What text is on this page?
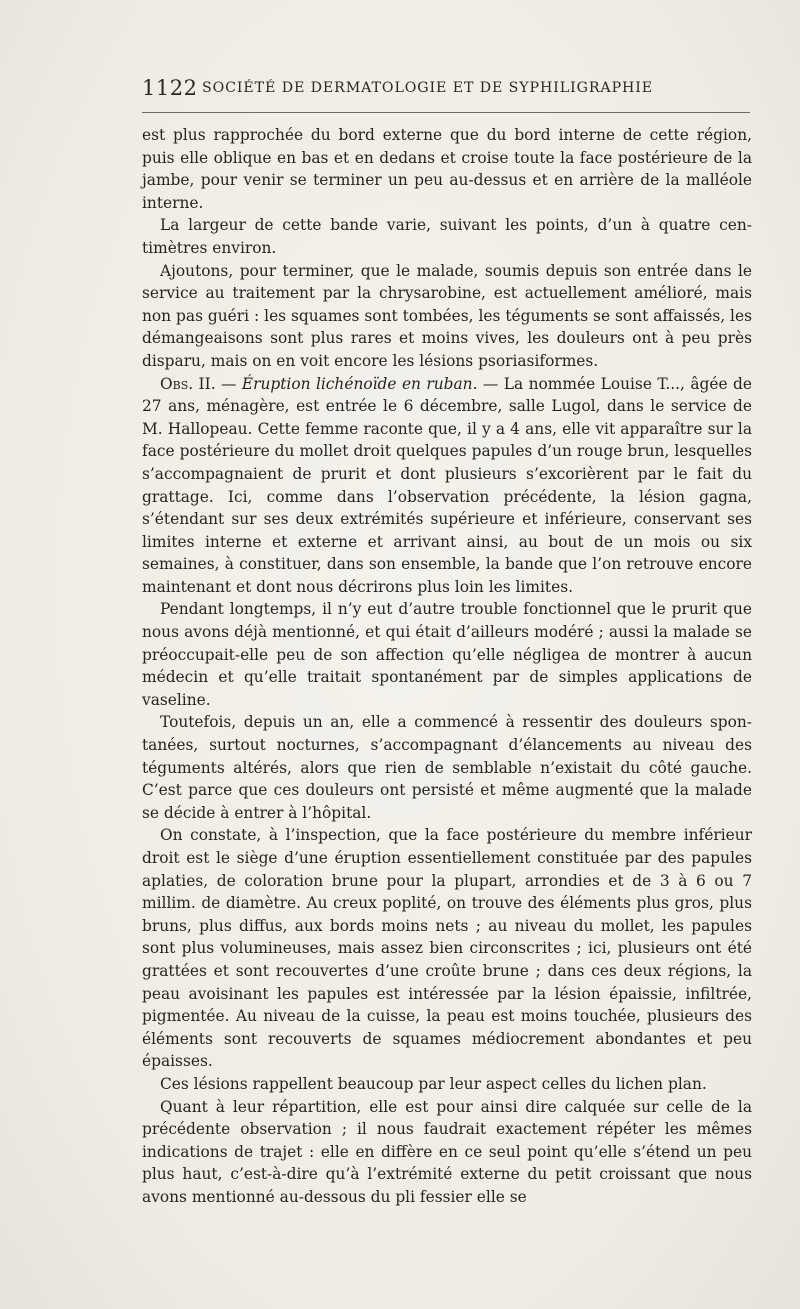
1122 SOCIÉTÉ DE DERMATOLOGIE ET DE SYPHILIGRAPHIE

est plus rapprochée du bord externe que du bord interne de cette région, puis elle oblique en bas et en dedans et croise toute la face postérieure de la jambe, pour venir se terminer un peu au-dessus et en arrière de la malléole interne.

La largeur de cette bande varie, suivant les points, d’un à quatre centimètres environ.

Ajoutons, pour terminer, que le malade, soumis depuis son entrée dans le service au traitement par la chrysarobine, est actuellement amélioré, mais non pas guéri : les squames sont tombées, les téguments se sont affaissés, les démangeaisons sont plus rares et moins vives, les douleurs ont à peu près disparu, mais on en voit encore les lésions psoriasiformes.

Obs. II. — Éruption lichénoïde en ruban. — La nommée Louise T..., âgée de 27 ans, ménagère, est entrée le 6 décembre, salle Lugol, dans le service de M. Hallopeau. Cette femme raconte que, il y a 4 ans, elle vit apparaître sur la face postérieure du mollet droit quelques papules d’un rouge brun, lesquelles s’accompagnaient de prurit et dont plusieurs s’excorièrent par le fait du grattage. Ici, comme dans l’observation précédente, la lésion gagna, s’étendant sur ses deux extrémités supérieure et inférieure, conservant ses limites interne et externe et arrivant ainsi, au bout de un mois ou six semaines, à constituer, dans son ensemble, la bande que l’on retrouve encore maintenant et dont nous décrirons plus loin les limites.

Pendant longtemps, il n’y eut d’autre trouble fonctionnel que le prurit que nous avons déjà mentionné, et qui était d’ailleurs modéré ; aussi la malade se préoccupait-elle peu de son affection qu’elle négligea de montrer à aucun médecin et qu’elle traitait spontanément par de simples applications de vaseline.

Toutefois, depuis un an, elle a commencé à ressentir des douleurs spontanées, surtout nocturnes, s’accompagnant d’élancements au niveau des téguments altérés, alors que rien de semblable n’existait du côté gauche. C’est parce que ces douleurs ont persisté et même augmenté que la malade se décide à entrer à l’hôpital.

On constate, à l’inspection, que la face postérieure du membre inférieur droit est le siège d’une éruption essentiellement constituée par des papules aplaties, de coloration brune pour la plupart, arrondies et de 3 à 6 ou 7 millim. de diamètre. Au creux poplité, on trouve des éléments plus gros, plus bruns, plus diffus, aux bords moins nets ; au niveau du mollet, les papules sont plus volumineuses, mais assez bien circonscrites ; ici, plusieurs ont été grattées et sont recouvertes d’une croûte brune ; dans ces deux régions, la peau avoisinant les papules est intéressée par la lésion épaissie, infiltrée, pigmentée. Au niveau de la cuisse, la peau est moins touchée, plusieurs des éléments sont recouverts de squames médiocrement abondantes et peu épaisses.

Ces lésions rappellent beaucoup par leur aspect celles du lichen plan.

Quant à leur répartition, elle est pour ainsi dire calquée sur celle de la précédente observation ; il nous faudrait exactement répéter les mêmes indications de trajet : elle en diffère en ce seul point qu’elle s’étend un peu plus haut, c’est-à-dire qu’à l’extrémité externe du petit croissant que nous avons mentionné au-dessous du pli fessier elle se
